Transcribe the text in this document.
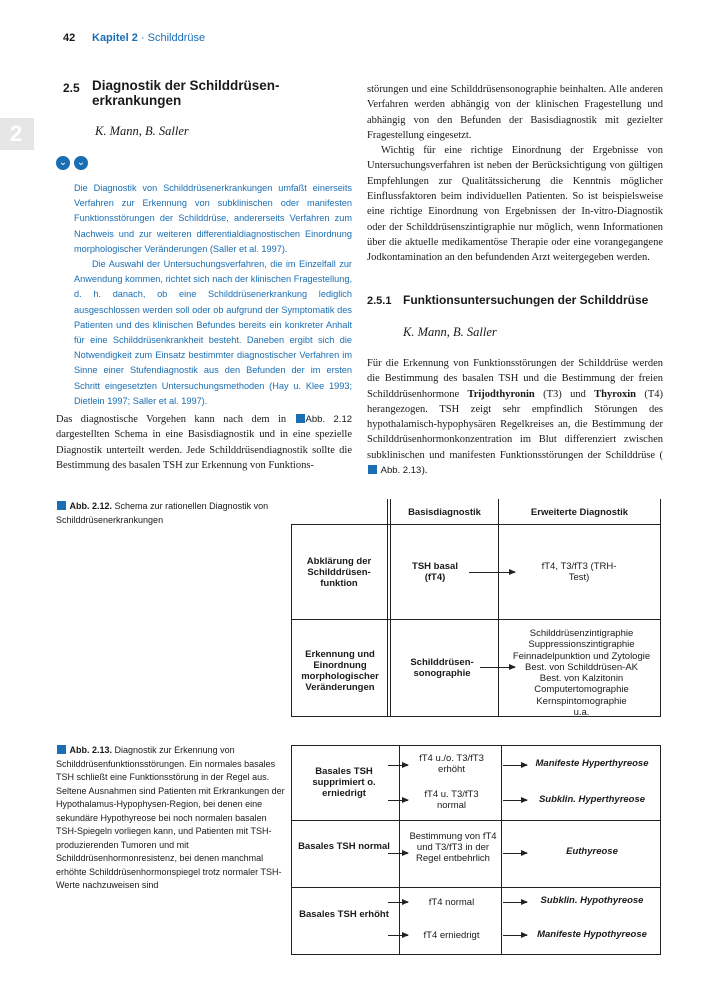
42 Kapitel 2 · Schilddrüse
2.5 Diagnostik der Schilddrüsen-erkrankungen
2	K. Mann, B. Saller
⌄ ⌄

Die Diagnostik von Schilddrüsenerkrankungen umfaßt einerseits Verfahren zur Erkennung von subklinischen oder manifesten Funktionsstörungen der Schilddrüse, andererseits Verfahren zum Nachweis und zur weiteren differentialdiagnostischen Einordnung morphologischer Veränderungen (Saller et al. 1997).

Die Auswahl der Untersuchungsverfahren, die im Einzelfall zur Anwendung kommen, richtet sich nach der klinischen Fragestellung, d. h. danach, ob eine Schilddrüsenerkrankung lediglich ausgeschlossen werden soll oder ob aufgrund der Symptomatik des Patienten und des klinischen Befundes bereits ein konkreter Anhalt für eine Schilddrüsenkrankheit besteht. Daneben ergibt sich die Notwendigkeit zum Einsatz bestimmter diagnostischer Verfahren im Sinne einer Stufendiagnostik aus den Befunden der im ersten Schritt eingesetzten Untersuchungsmethoden (Hay u. Klee 1993; Dietlein 1997; Saller et al. 1997).

Das diagnostische Vorgehen kann nach dem in Abb. 2.12 dargestellten Schema in eine Basisdiagnostik und in eine spezielle Diagnostik unterteilt werden. Jede Schilddrüsendiagnostik sollte die Bestimmung des basalen TSH zur Erkennung von Funktions-

störungen und eine Schilddrüsensonographie beinhalten. Alle anderen Verfahren werden abhängig von der klinischen Fragestellung und abhängig von den Befunden der Basisdiagnostik mit gezielter Fragestellung eingesetzt.

Wichtig für eine richtige Einordnung der Ergebnisse von Untersuchungsverfahren ist neben der Berücksichtigung von gültigen Empfehlungen zur Qualitätssicherung die Kenntnis möglicher Einflussfaktoren beim individuellen Patienten. So ist beispielsweise eine richtige Einordnung von Ergebnissen der In-vitro-Diagnostik oder der Schilddrüsenszintigraphie nur möglich, wenn Informationen über die aktuelle medikamentöse Therapie oder eine vorangegangene Jodkontamination an den befundenden Arzt weitergegeben werden.

2.5.1 Funktionsuntersuchungen der Schilddrüse
K. Mann, B. Saller

Für die Erkennung von Funktionsstörungen der Schilddrüse werden die Bestimmung des basalen TSH und die Bestimmung der freien Schilddrüsenhormone Trijodthyronin (T3) und Thyroxin (T4) herangezogen. TSH zeigt sehr empfindlich Störungen des hypothalamisch-hypophysären Regelkreises an, die Bestimmung der Schilddrüsenhormonkonzentration im Blut differenziert zwischen subklinischen und manifesten Funktionsstörungen der Schilddrüse ( Abb. 2.13).

Abb. 2.12. Schema zur rationellen Diagnostik von Schilddrüsenerkrankungen
Basisdiagnostik	Erweiterte Diagnostik
Abklärung der Schilddrüsen-funktion
TSH basal (fT4)
fT4, T3/fT3 (TRH-Test)
Erkennung und Einordnung morphologischer Veränderungen
Schilddrüsen-sonographie
Schilddrüsenzintigraphie
Suppressionszintigraphie
Feinnadelpunktion und Zytologie
Best. von Schilddrüsen-AK
Best. von Kalzitonin
Computertomographie
Kernspintomographie
u.a.
Abb. 2.13. Diagnostik zur Erkennung von Schilddrüsenfunktionsstörungen. Ein normales basales TSH schließt eine Funktionsstörung in der Regel aus. Seltene Ausnahmen sind Patienten mit Erkrankungen der Hypothalamus-Hypophysen-Region, bei denen eine sekundäre Hypothyreose bei noch normalen basalen TSH-Spiegeln vorliegen kann, und Patienten mit TSH-produzierenden Tumoren und mit Schilddrüsenhormonresistenz, bei denen manchmal erhöhte Schilddrüsenhormonspiegel trotz normaler TSH-Werte nachzuweisen sind
Basales TSH supprimiert o. erniedrigt
fT4 u./o. T3/fT3 erhöht
fT4 u. T3/fT3 normal
Manifeste Hyperthyreose
Subklin. Hyperthyreose
Basales TSH normal
Bestimmung von fT4 und T3/fT3 in der Regel entbehrlich
Euthyreose
Basales TSH erhöht
fT4 normal
fT4 erniedrigt
Subklin. Hypothyreose
Manifeste Hypothyreose
